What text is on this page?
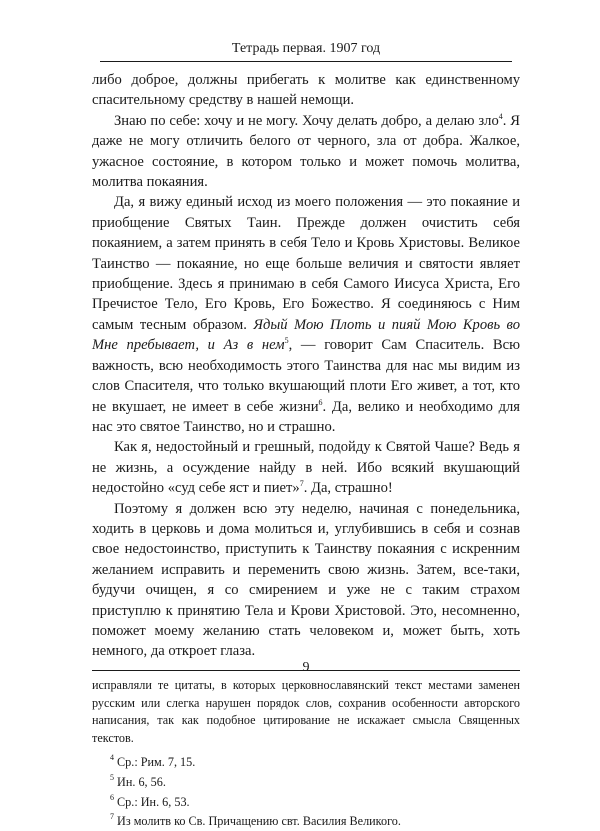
Тетрадь первая. 1907 год

либо доброе, должны прибегать к молитве как единственному спасительному средству в нашей немощи.

Знаю по себе: хочу и не могу. Хочу делать добро, а делаю зло$^4$. Я даже не могу отличить белого от черного, зла от добра. Жалкое, ужасное состояние, в котором только и может помочь молитва, молитва покаяния.

Да, я вижу единый исход из моего положения — это покаяние и приобщение Святых Таин. Прежде должен очистить себя покаянием, а затем принять в себя Тело и Кровь Христовы. Великое Таинство — покаяние, но еще больше величия и святости являет приобщение. Здесь я принимаю в себя Самого Иисуса Христа, Его Пречистое Тело, Его Кровь, Его Божество. Я соединяюсь с Ним самым тесным образом. Ядый Мою Плоть и пияй Мою Кровь во Мне пребывает, и Аз в нем$^5$, — говорит Сам Спаситель. Всю важность, всю необходимость этого Таинства для нас мы видим из слов Спасителя, что только вкушающий плоти Его живет, а тот, кто не вкушает, не имеет в себе жизни$^6$. Да, велико и необходимо для нас это святое Таинство, но и страшно.

Как я, недостойный и грешный, подойду к Святой Чаше? Ведь я не жизнь, а осуждение найду в ней. Ибо всякий вкушающий недостойно «суд себе яст и пиет»$^7$. Да, страшно!

Поэтому я должен всю эту неделю, начиная с понедельника, ходить в церковь и дома молиться и, углубившись в себя и сознав свое недостоинство, приступить к Таинству покаяния с искренним желанием исправить и переменить свою жизнь. Затем, все-таки, будучи очищен, я со смирением и уже не с таким страхом приступлю к принятию Тела и Крови Христовой. Это, несомненно, поможет моему желанию стать человеком и, может быть, хоть немного, да откроет глаза.

исправляли те цитаты, в которых церковнославянский текст местами заменен русским или слегка нарушен порядок слов, сохранив особенности авторского написания, так как подобное цитирование не искажает смысла Священных текстов.

$^4$ Ср.: Рим. 7, 15.
$^5$ Ин. 6, 56.
$^6$ Ср.: Ин. 6, 53.
$^7$ Из молитв ко Св. Причащению свт. Василия Великого.
9
